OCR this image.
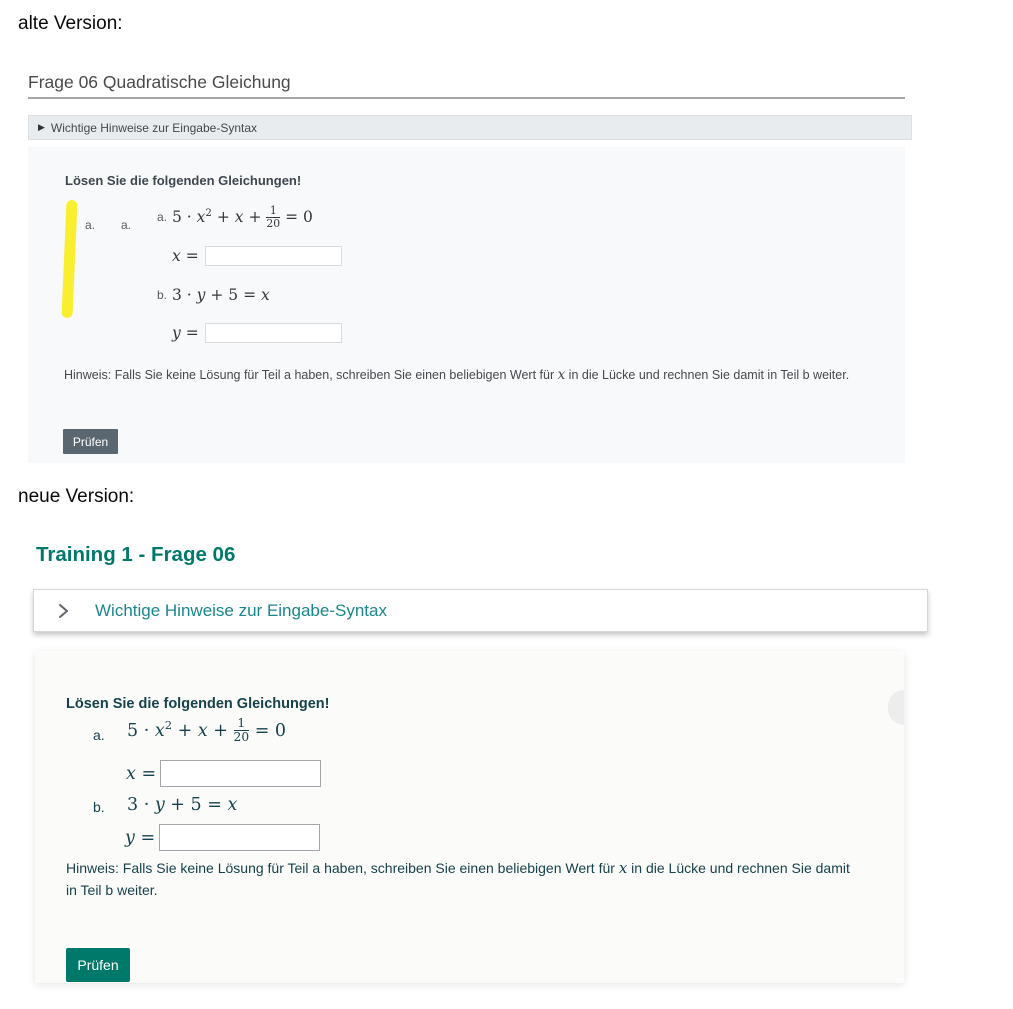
alte Version:
Frage 06 Quadratische Gleichung
▶ Wichtige Hinweise zur Eingabe-Syntax
Lösen Sie die folgenden Gleichungen!
a. a.
a. $5 \cdot x^2 + x + \frac{1}{20} = 0$
x =
b. 3 · y + 5 = x
y =
Hinweis: Falls Sie keine Lösung für Teil a haben, schreiben Sie einen beliebigen Wert für x in die Lücke und rechnen Sie damit in Teil b weiter.
Prüfen
neue Version:
Training 1 - Frage 06
Wichtige Hinweise zur Eingabe-Syntax
Lösen Sie die folgenden Gleichungen!
a. $5 \cdot x^2 + x + \frac{1}{20} = 0$
x =
b. 3 · y + 5 = x
y =
Hinweis: Falls Sie keine Lösung für Teil a haben, schreiben Sie einen beliebigen Wert für x in die Lücke und rechnen Sie damit in Teil b weiter.
Prüfen
